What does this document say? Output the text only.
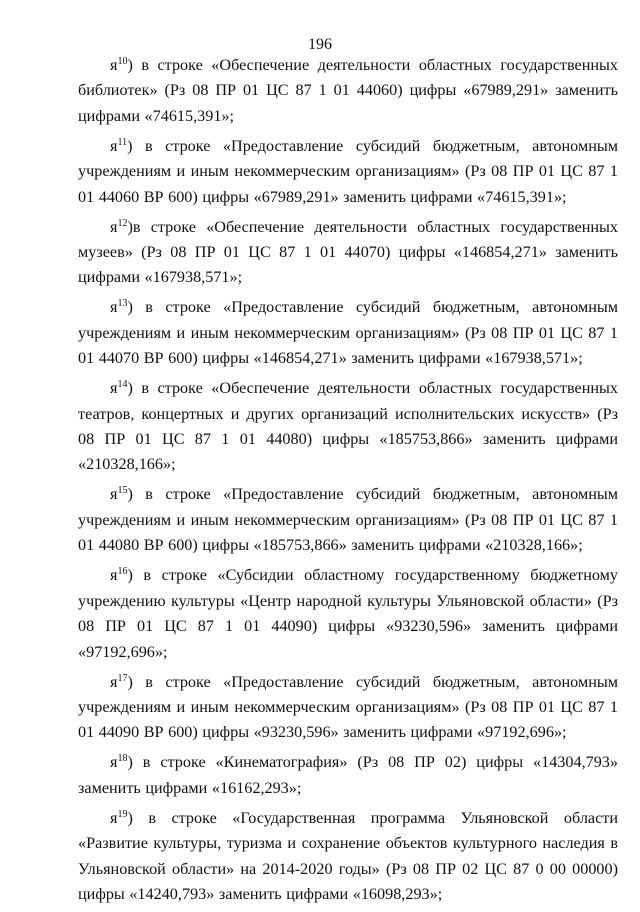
196

$я^{10}$) в строке «Обеспечение деятельности областных государственных библиотек» (Рз 08 ПР 01 ЦС 87 1 01 44060) цифры «67989,291» заменить цифрами «74615,391»;

$я^{11}$) в строке «Предоставление субсидий бюджетным, автономным учреждениям и иным некоммерческим организациям» (Рз 08 ПР 01 ЦС 87 1 01 44060 ВР 600) цифры «67989,291» заменить цифрами «74615,391»;

$я^{12})в$ строке «Обеспечение деятельности областных государственных музеев» (Рз 08 ПР 01 ЦС 87 1 01 44070) цифры «146854,271» заменить цифрами «167938,571»;

$я^{13}$) в строке «Предоставление субсидий бюджетным, автономным учреждениям и иным некоммерческим организациям» (Рз 08 ПР 01 ЦС 87 1 01 44070 ВР 600) цифры «146854,271» заменить цифрами «167938,571»;

$я^{14}$) в строке «Обеспечение деятельности областных государственных театров, концертных и других организаций исполнительских искусств» (Рз 08 ПР 01 ЦС 87 1 01 44080) цифры «185753,866» заменить цифрами «210328,166»;

$я^{15}$) в строке «Предоставление субсидий бюджетным, автономным учреждениям и иным некоммерческим организациям» (Рз 08 ПР 01 ЦС 87 1 01 44080 ВР 600) цифры «185753,866» заменить цифрами «210328,166»;

$я^{16}$) в строке «Субсидии областному государственному бюджетному учреждению культуры «Центр народной культуры Ульяновской области» (Рз 08 ПР 01 ЦС 87 1 01 44090) цифры «93230,596» заменить цифрами «97192,696»;

$я^{17}$) в строке «Предоставление субсидий бюджетным, автономным учреждениям и иным некоммерческим организациям» (Рз 08 ПР 01 ЦС 87 1 01 44090 ВР 600) цифры «93230,596» заменить цифрами «97192,696»;

$я^{18}$) в строке «Кинематография» (Рз 08 ПР 02) цифры «14304,793» заменить цифрами «16162,293»;

$я^{19}$) в строке «Государственная программа Ульяновской области «Развитие культуры, туризма и сохранение объектов культурного наследия в Ульяновской области» на 2014-2020 годы» (Рз 08 ПР 02 ЦС 87 0 00 00000) цифры «14240,793» заменить цифрами «16098,293»;
